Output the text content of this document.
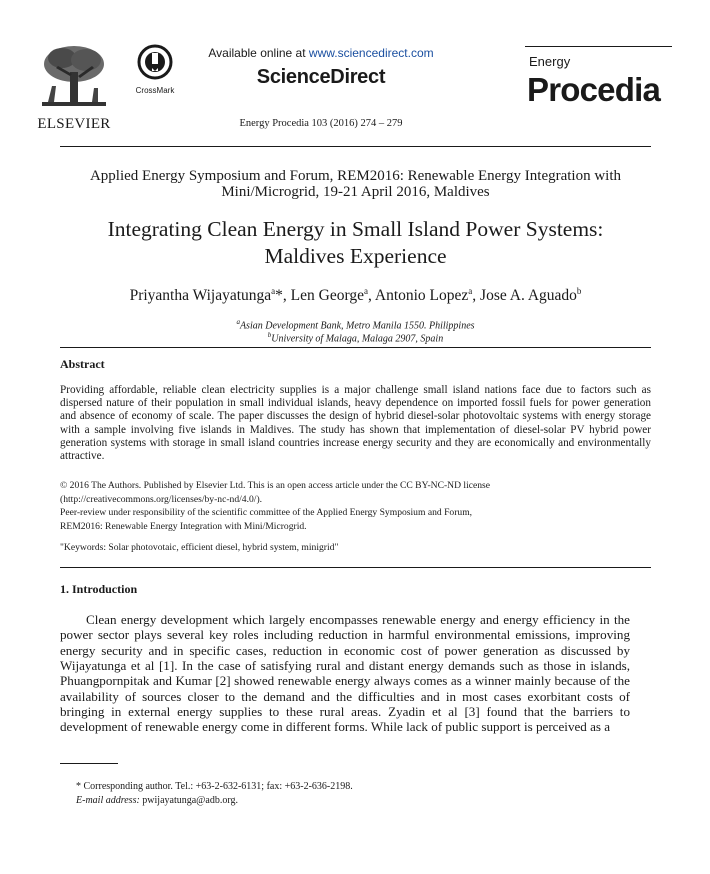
ELSEVIER
CrossMark
Available online at www.sciencedirect.com
ScienceDirect
Energy Procedia 103 (2016) 274 – 279
Energy
Procedia
Applied Energy Symposium and Forum, REM2016: Renewable Energy Integration with Mini/Microgrid, 19-21 April 2016, Maldives
Integrating Clean Energy in Small Island Power Systems:
Maldives Experience
Priyantha Wijayatunga$^a$*, Len George$^a$, Antonio Lopez$^a$, Jose A. Aguado$^b$
$^a$Asian Development Bank, Metro Manila 1550. Philippines
$^b$University of Malaga, Malaga 2907, Spain
Abstract
Providing affordable, reliable clean electricity supplies is a major challenge small island nations face due to factors such as dispersed nature of their population in small individual islands, heavy dependence on imported fossil fuels for power generation and absence of economy of scale. The paper discusses the design of hybrid diesel-solar photovoltaic systems with energy storage with a sample involving five islands in Maldives. The study has shown that implementation of diesel-solar PV hybrid power generation systems with storage in small island countries increase energy security and they are economically and environmentally attractive.
© 2016 The Authors. Published by Elsevier Ltd. This is an open access article under the CC BY-NC-ND license
(http://creativecommons.org/licenses/by-nc-nd/4.0/).
Peer-review under responsibility of the scientific committee of the Applied Energy Symposium and Forum,
REM2016: Renewable Energy Integration with Mini/Microgrid.
"Keywords: Solar photovotaic, efficient diesel, hybrid system, minigrid"
1. Introduction
Clean energy development which largely encompasses renewable energy and energy efficiency in the power sector plays several key roles including reduction in harmful environmental emissions, improving energy security and in specific cases, reduction in economic cost of power generation as discussed by Wijayatunga et al [1]. In the case of satisfying rural and distant energy demands such as those in islands, Phuangpornpitak and Kumar [2] showed renewable energy always comes as a winner mainly because of the availability of sources closer to the demand and the difficulties and in most cases exorbitant costs of bringing in external energy supplies to these rural areas. Zyadin et al [3] found that the barriers to development of renewable energy come in different forms. While lack of public support is perceived as a
* Corresponding author. Tel.: +63-2-632-6131; fax: +63-2-636-2198.
E-mail address: pwijayatunga@adb.org.
